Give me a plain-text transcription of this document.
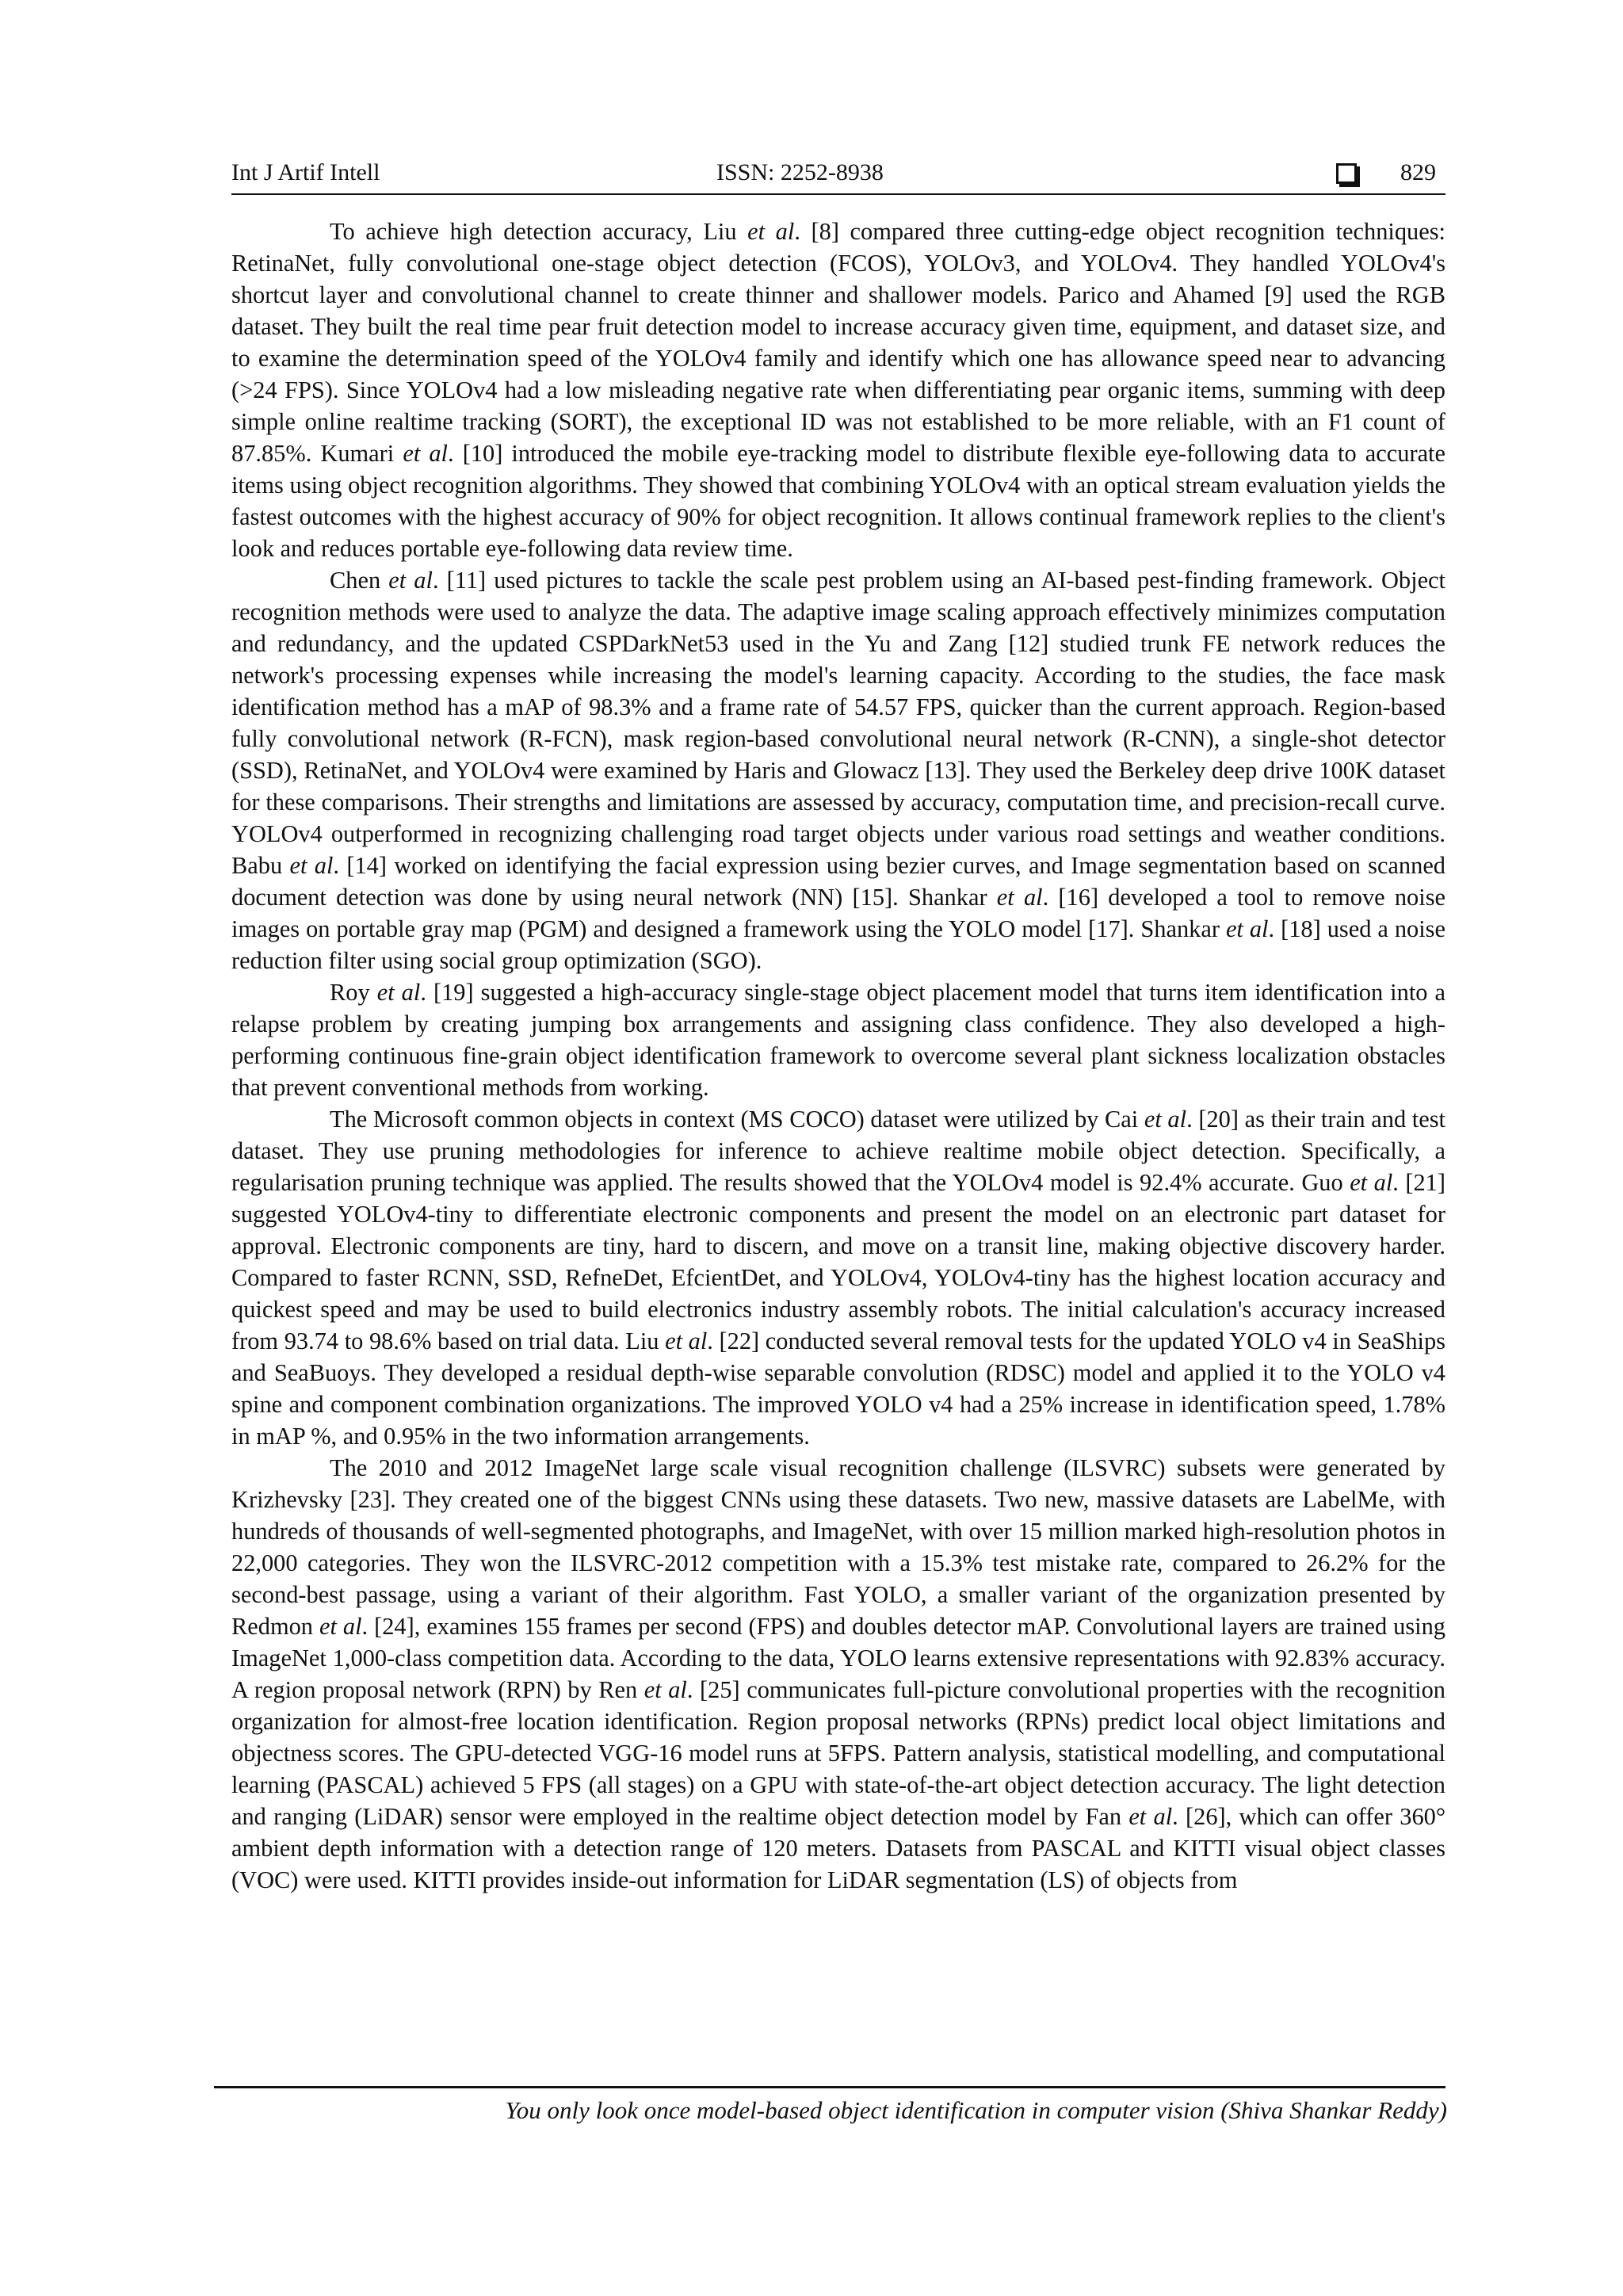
Int J Artif Intell	ISSN: 2252-8938	829

To achieve high detection accuracy, Liu et al. [8] compared three cutting-edge object recognition techniques: RetinaNet, fully convolutional one-stage object detection (FCOS), YOLOv3, and YOLOv4. They handled YOLOv4's shortcut layer and convolutional channel to create thinner and shallower models. Parico and Ahamed [9] used the RGB dataset. They built the real time pear fruit detection model to increase accuracy given time, equipment, and dataset size, and to examine the determination speed of the YOLOv4 family and identify which one has allowance speed near to advancing (>24 FPS). Since YOLOv4 had a low misleading negative rate when differentiating pear organic items, summing with deep simple online realtime tracking (SORT), the exceptional ID was not established to be more reliable, with an F1 count of 87.85%. Kumari et al. [10] introduced the mobile eye-tracking model to distribute flexible eye-following data to accurate items using object recognition algorithms. They showed that combining YOLOv4 with an optical stream evaluation yields the fastest outcomes with the highest accuracy of 90% for object recognition. It allows continual framework replies to the client's look and reduces portable eye-following data review time.

Chen et al. [11] used pictures to tackle the scale pest problem using an AI-based pest-finding framework. Object recognition methods were used to analyze the data. The adaptive image scaling approach effectively minimizes computation and redundancy, and the updated CSPDarkNet53 used in the Yu and Zang [12] studied trunk FE network reduces the network's processing expenses while increasing the model's learning capacity. According to the studies, the face mask identification method has a mAP of 98.3% and a frame rate of 54.57 FPS, quicker than the current approach. Region-based fully convolutional network (R-FCN), mask region-based convolutional neural network (R-CNN), a single-shot detector (SSD), RetinaNet, and YOLOv4 were examined by Haris and Glowacz [13]. They used the Berkeley deep drive 100K dataset for these comparisons. Their strengths and limitations are assessed by accuracy, computation time, and precision-recall curve. YOLOv4 outperformed in recognizing challenging road target objects under various road settings and weather conditions. Babu et al. [14] worked on identifying the facial expression using bezier curves, and Image segmentation based on scanned document detection was done by using neural network (NN) [15]. Shankar et al. [16] developed a tool to remove noise images on portable gray map (PGM) and designed a framework using the YOLO model [17]. Shankar et al. [18] used a noise reduction filter using social group optimization (SGO).

Roy et al. [19] suggested a high-accuracy single-stage object placement model that turns item identification into a relapse problem by creating jumping box arrangements and assigning class confidence. They also developed a high-performing continuous fine-grain object identification framework to overcome several plant sickness localization obstacles that prevent conventional methods from working.

The Microsoft common objects in context (MS COCO) dataset were utilized by Cai et al. [20] as their train and test dataset. They use pruning methodologies for inference to achieve realtime mobile object detection. Specifically, a regularisation pruning technique was applied. The results showed that the YOLOv4 model is 92.4% accurate. Guo et al. [21] suggested YOLOv4-tiny to differentiate electronic components and present the model on an electronic part dataset for approval. Electronic components are tiny, hard to discern, and move on a transit line, making objective discovery harder. Compared to faster RCNN, SSD, RefneDet, EfcientDet, and YOLOv4, YOLOv4-tiny has the highest location accuracy and quickest speed and may be used to build electronics industry assembly robots. The initial calculation's accuracy increased from 93.74 to 98.6% based on trial data. Liu et al. [22] conducted several removal tests for the updated YOLO v4 in SeaShips and SeaBuoys. They developed a residual depth-wise separable convolution (RDSC) model and applied it to the YOLO v4 spine and component combination organizations. The improved YOLO v4 had a 25% increase in identification speed, 1.78% in mAP %, and 0.95% in the two information arrangements.

The 2010 and 2012 ImageNet large scale visual recognition challenge (ILSVRC) subsets were generated by Krizhevsky [23]. They created one of the biggest CNNs using these datasets. Two new, massive datasets are LabelMe, with hundreds of thousands of well-segmented photographs, and ImageNet, with over 15 million marked high-resolution photos in 22,000 categories. They won the ILSVRC-2012 competition with a 15.3% test mistake rate, compared to 26.2% for the second-best passage, using a variant of their algorithm. Fast YOLO, a smaller variant of the organization presented by Redmon et al. [24], examines 155 frames per second (FPS) and doubles detector mAP. Convolutional layers are trained using ImageNet 1,000-class competition data. According to the data, YOLO learns extensive representations with 92.83% accuracy. A region proposal network (RPN) by Ren et al. [25] communicates full-picture convolutional properties with the recognition organization for almost-free location identification. Region proposal networks (RPNs) predict local object limitations and objectness scores. The GPU-detected VGG-16 model runs at 5FPS. Pattern analysis, statistical modelling, and computational learning (PASCAL) achieved 5 FPS (all stages) on a GPU with state-of-the-art object detection accuracy. The light detection and ranging (LiDAR) sensor were employed in the realtime object detection model by Fan et al. [26], which can offer 360° ambient depth information with a detection range of 120 meters. Datasets from PASCAL and KITTI visual object classes (VOC) were used. KITTI provides inside-out information for LiDAR segmentation (LS) of objects from

You only look once model-based object identification in computer vision (Shiva Shankar Reddy)
